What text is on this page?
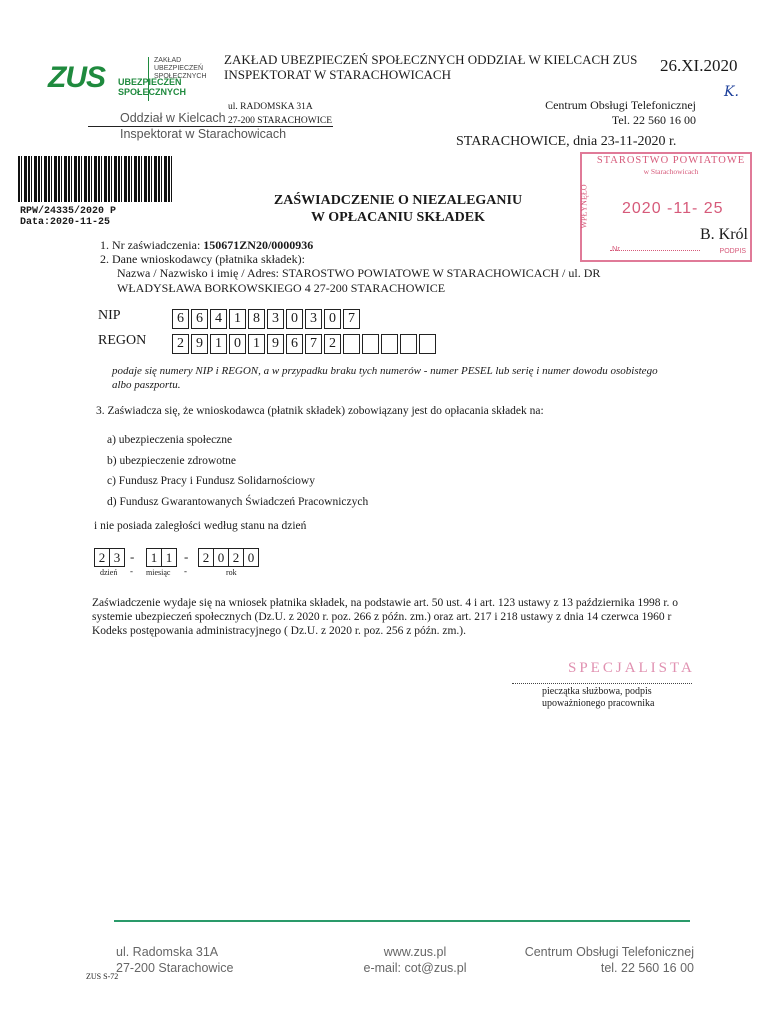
ZUS
ZAKŁAD
UBEZPIECZEŃ
SPOŁECZNYCH
UBEZPIECZEŃ
SPOŁECZNYCH
ZAKŁAD UBEZPIECZEŃ SPOŁECZNYCH ODDZIAŁ W KIELCACH ZUS
INSPEKTORAT W STARACHOWICACH	26.XI.2020
K.
ul. RADOMSKA 31A
27-200 STARACHOWICE
Oddział w Kielcach
Inspektorat w Starachowicach
Centrum Obsługi Telefonicznej
Tel. 22 560 16 00
STARACHOWICE, dnia 23-11-2020 r.
RPW/24335/2020 P
Data:2020-11-25
STAROSTWO POWIATOWE
w Starachowicach
WPŁYNĘŁO 2020 -11- 25
Nr	PODPIS
B. Król
ZAŚWIADCZENIE O NIEZALEGANIU
W OPŁACANIU SKŁADEK
1. Nr zaświadczenia: 150671ZN20/0000936
2. Dane wnioskodawcy (płatnika składek):
Nazwa / Nazwisko i imię / Adres: STAROSTWO POWIATOWE W STARACHOWICACH / ul. DR
WŁADYSŁAWA BORKOWSKIEGO 4 27-200 STARACHOWICE
NIP	6 6 4 1 8 3 0 3 0 7
REGON	2 9 1 0 1 9 6 7 2
podaje się numery NIP i REGON, a w przypadku braku tych numerów - numer PESEL lub serię i numer dowodu osobistego albo paszportu.
3. Zaświadcza się, że wnioskodawca (płatnik składek) zobowiązany jest do opłacania składek na:
a) ubezpieczenia społeczne
b) ubezpieczenie zdrowotne
c) Fundusz Pracy i Fundusz Solidarnościowy
d) Fundusz Gwarantowanych Świadczeń Pracowniczych
i nie posiada zaległości według stanu na dzień
2 3 -	1 1 -	2 0 2 0
dzień - miesiąc -	rok
Zaświadczenie wydaje się na wniosek płatnika składek, na podstawie art. 50 ust. 4 i art. 123 ustawy z 13 października 1998 r. o systemie ubezpieczeń społecznych (Dz.U. z 2020 r. poz. 266 z późn. zm.) oraz art. 217 i 218 ustawy z dnia 14 czerwca 1960 r Kodeks postępowania administracyjnego ( Dz.U. z 2020 r. poz. 256 z późn. zm.).
SPECJALISTA
pieczątka służbowa, podpis
upoważnionego pracownika
ul. Radomska 31A
27-200 Starachowice
www.zus.pl
e-mail: cot@zus.pl
Centrum Obsługi Telefonicznej
tel. 22 560 16 00
ZUS S-72
